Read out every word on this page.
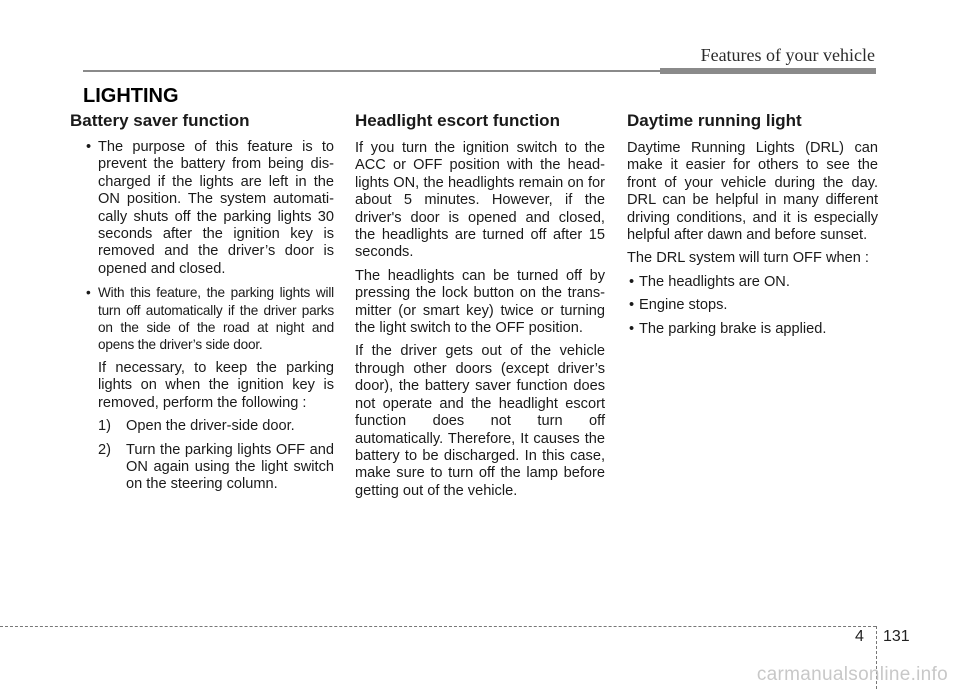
Features of your vehicle
LIGHTING
Battery saver function
• The purpose of this feature is to prevent the battery from being dis-charged if the lights are left in the ON position. The system automati-cally shuts off the parking lights 30 seconds after the ignition key is removed and the driver’s door is opened and closed.
• With this feature, the parking lights will turn off automatically if the driver parks on the side of the road at night and opens the driver’s side door.
If necessary, to keep the parking lights on when the ignition key is removed, perform the following :
1) Open the driver-side door.
2) Turn the parking lights OFF and ON again using the light switch on the steering column.
Headlight escort function

If you turn the ignition switch to the ACC or OFF position with the head-lights ON, the headlights remain on for about 5 minutes. However, if the driver's door is opened and closed, the headlights are turned off after 15 seconds.

The headlights can be turned off by pressing the lock button on the trans-mitter (or smart key) twice or turning the light switch to the OFF position.

If the driver gets out of the vehicle through other doors (except driver’s door), the battery saver function does not operate and the headlight escort function does not turn off automatically. Therefore, It causes the battery to be discharged. In this case, make sure to turn off the lamp before getting out of the vehicle.

Daytime running light

Daytime Running Lights (DRL) can make it easier for others to see the front of your vehicle during the day. DRL can be helpful in many different driving conditions, and it is especially helpful after dawn and before sunset.

The DRL system will turn OFF when :

• The headlights are ON.
• Engine stops.
• The parking brake is applied.
4 131
carmanualsonline.info
